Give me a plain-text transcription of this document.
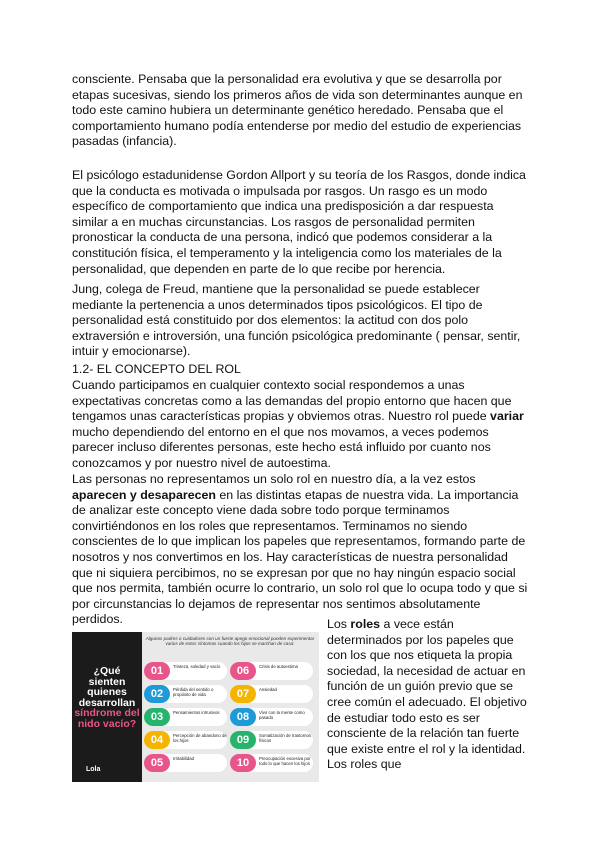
consciente. Pensaba que la personalidad era evolutiva y que se desarrolla por etapas sucesivas, siendo los primeros años de vida son determinantes aunque en todo este camino hubiera un determinante genético heredado. Pensaba que el comportamiento humano podía entenderse por medio del estudio de experiencias pasadas (infancia).

El psicólogo estadunidense Gordon Allport y su teoría de los Rasgos, donde indica que la conducta es motivada o impulsada por rasgos. Un rasgo es un modo específico de comportamiento que indica una predisposición a dar respuesta similar a en muchas circunstancias. Los rasgos de personalidad permiten pronosticar la conducta de una persona, indicó que podemos considerar a la constitución física, el temperamento y la inteligencia como los materiales de la personalidad, que dependen en parte de lo que recibe por herencia.

Jung, colega de Freud, mantiene que la personalidad se puede establecer mediante la pertenencia a unos determinados tipos psicológicos. El tipo de personalidad está constituido por dos elementos: la actitud con dos polo extraversión e introversión, una función psicológica predominante ( pensar, sentir, intuir y emocionarse).

1.2- EL CONCEPTO DEL ROL

Cuando participamos en cualquier contexto social respondemos a unas expectativas concretas como a las demandas del propio entorno que hacen que tengamos unas características propias y obviemos otras. Nuestro rol puede variar mucho dependiendo del entorno en el que nos movamos, a veces podemos parecer incluso diferentes personas, este hecho está influido por cuanto nos conozcamos y por nuestro nivel de autoestima.

Las personas no representamos un solo rol en nuestro día, a la vez estos aparecen y desaparecen en las distintas etapas de nuestra vida. La importancia de analizar este concepto viene dada sobre todo porque terminamos convirtiéndonos en los roles que representamos. Terminamos no siendo conscientes de lo que implican los papeles que representamos, formando parte de nosotros y nos convertimos en los. Hay características de nuestra personalidad que ni siquiera percibimos, no se expresan por que no hay ningún espacio social que nos permita, también ocurre lo contrario, un solo rol que lo ocupa todo y que si por circunstancias lo dejamos de representar nos sentimos absolutamente perdidos.	Los roles a vece están determinados por los papeles que con los que nos etiqueta la propia sociedad, la necesidad de actuar en función de un guión previo que se cree común el adecuado. El objetivo de estudiar todo esto es ser consciente de la relación tan fuerte que existe entre el rol y la identidad. Los roles que

¿Qué sienten quienes desarrollan
síndrome del nido vacío?
Lola
Algunos padres o cuidadores con un fuerte apego emocional pueden experimentar varios de estos síntomas cuando los hijos se marchan de casa:
01	Tristeza, soledad y vacío
02	Pérdida del sentido o propósito de vida
03	Pensamientos intrusivos
04	Percepción de abandono de los hijos
05	Irritabilidad
06	Crisis de autoestima
07	Ansiedad
08	Vivir con la mente como pasado
09	Somatización de trastornos físicos
10	Preocupación excesiva por todo lo que hacen los hijos
